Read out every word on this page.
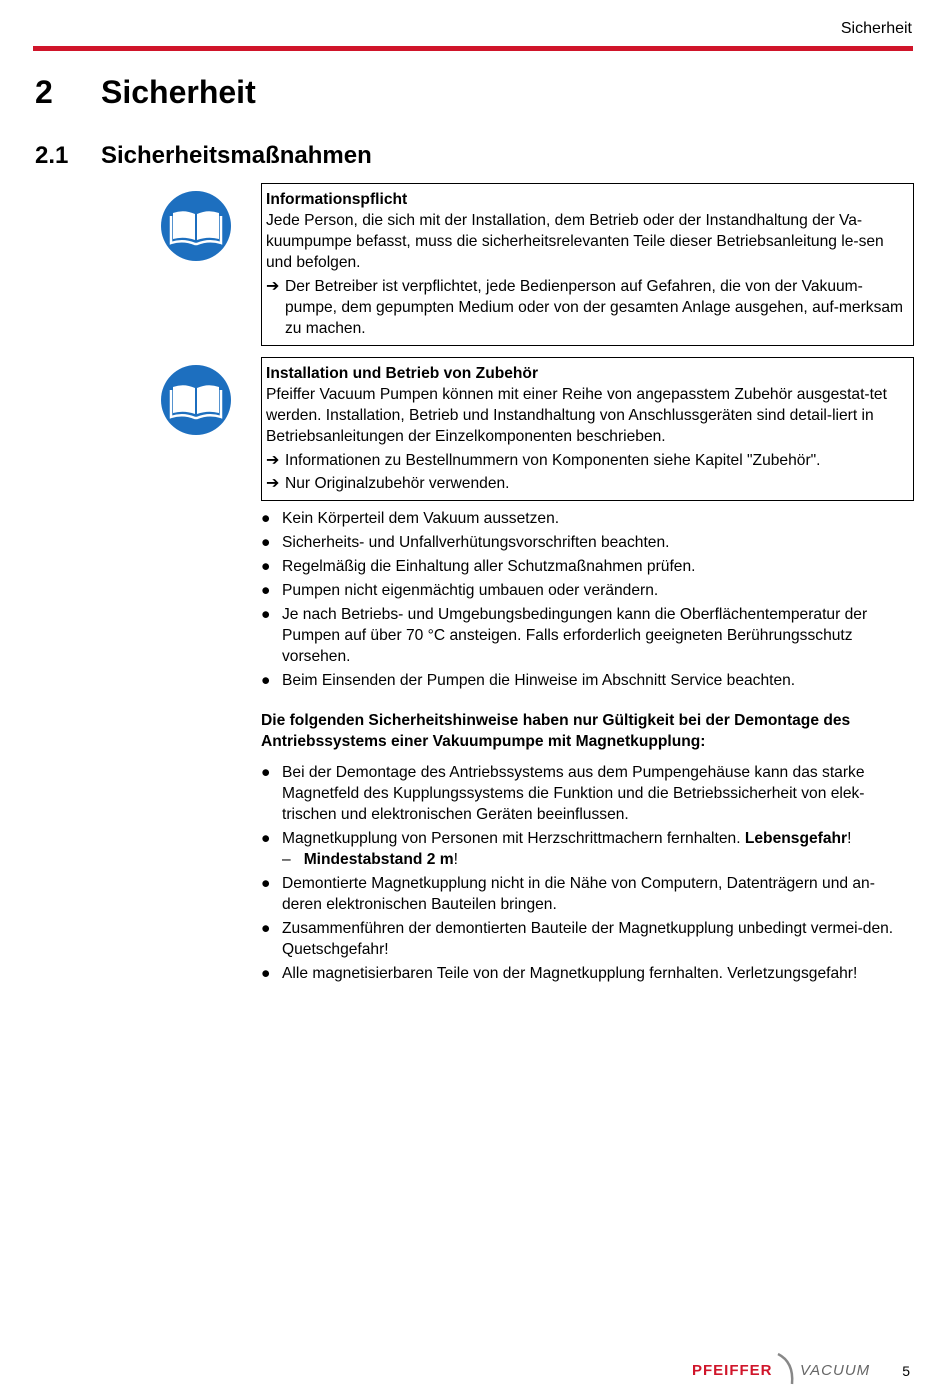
Sicherheit
2 Sicherheit
2.1 Sicherheitsmaßnahmen
Informationspflicht
Jede Person, die sich mit der Installation, dem Betrieb oder der Instandhaltung der Va-kuumpumpe befasst, muss die sicherheitsrelevanten Teile dieser Betriebsanleitung le-sen und befolgen.
➔ Der Betreiber ist verpflichtet, jede Bedienperson auf Gefahren, die von der Vakuum-pumpe, dem gepumpten Medium oder von der gesamten Anlage ausgehen, auf-merksam zu machen.
Installation und Betrieb von Zubehör
Pfeiffer Vacuum Pumpen können mit einer Reihe von angepasstem Zubehör ausgestat-tet werden. Installation, Betrieb und Instandhaltung von Anschlussgeräten sind detail-liert in Betriebsanleitungen der Einzelkomponenten beschrieben.
➔ Informationen zu Bestellnummern von Komponenten siehe Kapitel "Zubehör".
➔ Nur Originalzubehör verwenden.
● Kein Körperteil dem Vakuum aussetzen.
● Sicherheits- und Unfallverhütungsvorschriften beachten.
● Regelmäßig die Einhaltung aller Schutzmaßnahmen prüfen.
● Pumpen nicht eigenmächtig umbauen oder verändern.
● Je nach Betriebs- und Umgebungsbedingungen kann die Oberflächentemperatur der Pumpen auf über 70 °C ansteigen. Falls erforderlich geeigneten Berührungsschutz vorsehen.
● Beim Einsenden der Pumpen die Hinweise im Abschnitt Service beachten.
Die folgenden Sicherheitshinweise haben nur Gültigkeit bei der Demontage des Antriebssystems einer Vakuumpumpe mit Magnetkupplung:
● Bei der Demontage des Antriebssystems aus dem Pumpengehäuse kann das starke Magnetfeld des Kupplungssystems die Funktion und die Betriebssicherheit von elek-trischen und elektronischen Geräten beeinflussen.
● Magnetkupplung von Personen mit Herzschrittmachern fernhalten. Lebensgefahr!
– Mindestabstand 2 m!
● Demontierte Magnetkupplung nicht in die Nähe von Computern, Datenträgern und an-deren elektronischen Bauteilen bringen.
● Zusammenführen der demontierten Bauteile der Magnetkupplung unbedingt vermei-den. Quetschgefahr!
● Alle magnetisierbaren Teile von der Magnetkupplung fernhalten. Verletzungsgefahr!
PFEIFFER VACUUM 5
